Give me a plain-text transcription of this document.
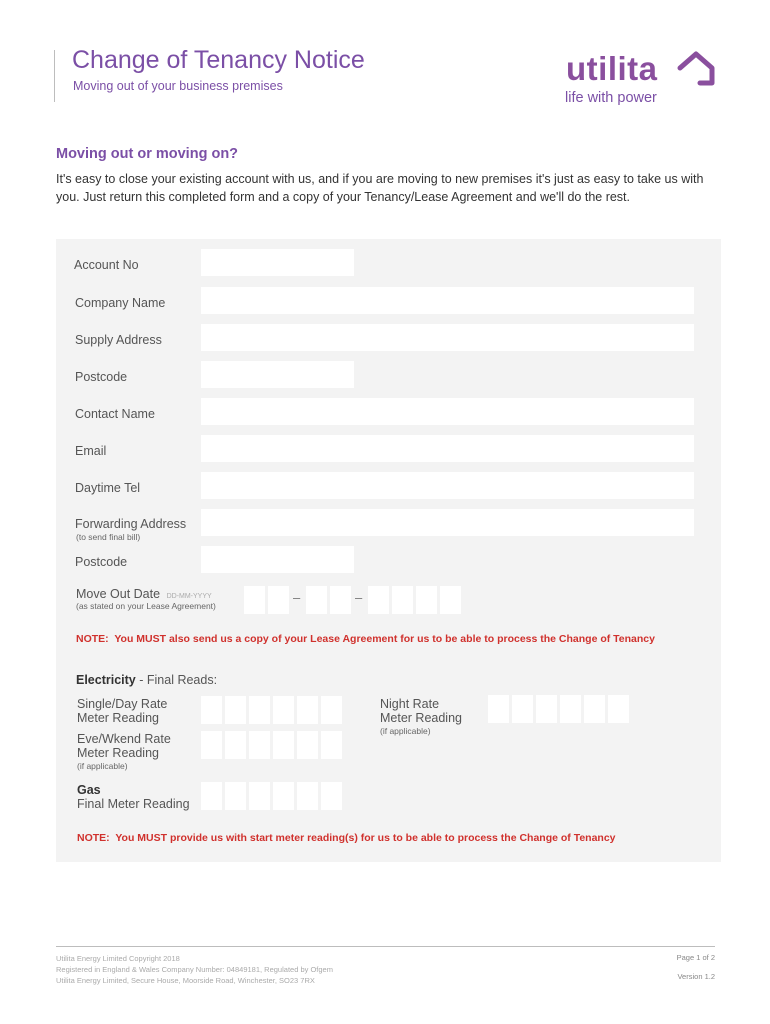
Change of Tenancy Notice
Moving out of your business premises	utilita
life with power
Moving out or moving on?
It's easy to close your existing account with us, and if you are moving to new premises it's just as easy to take us with you. Just return this completed form and a copy of your Tenancy/Lease Agreement and we'll do the rest.
Account No
Company Name
Supply Address
Postcode
Contact Name
Email
Daytime Tel
Forwarding Address
(to send final bill)
Postcode
Move Out Date DD-MM-YYYY
(as stated on your Lease Agreement)
–	–
NOTE: You MUST also send us a copy of your Lease Agreement for us to be able to process the Change of Tenancy
Electricity - Final Reads:
Single/Day Rate
Meter Reading
Night Rate
Meter Reading
(if applicable)
Eve/Wkend Rate
Meter Reading
(if applicable)
Gas
Final Meter Reading
NOTE: You MUST provide us with start meter reading(s) for us to be able to process the Change of Tenancy
Utilita Energy Limited Copyright 2018
Registered in England & Wales Company Number: 04849181, Regulated by Ofgem
Utilita Energy Limited, Secure House, Moorside Road, Winchester, SO23 7RX
Page 1 of 2
Version 1.2
